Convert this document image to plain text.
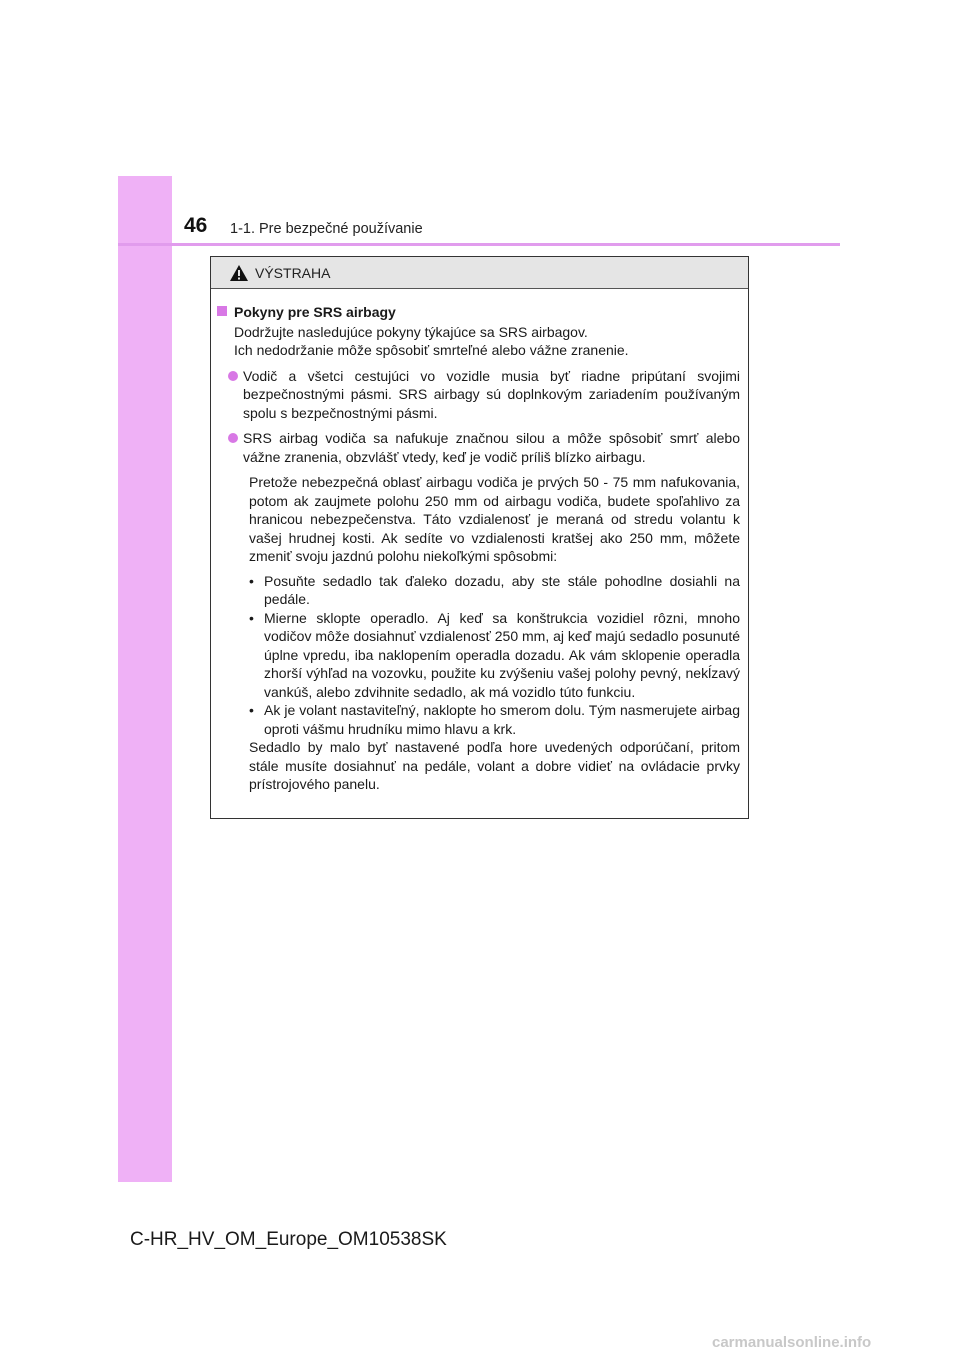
46 1-1. Pre bezpečné používanie
VÝSTRAHA
Pokyny pre SRS airbagy
Dodržujte nasledujúce pokyny týkajúce sa SRS airbagov.
Ich nedodržanie môže spôsobiť smrteľné alebo vážne zranenie.
Vodič a všetci cestujúci vo vozidle musia byť riadne pripútaní svojimi bezpečnostnými pásmi. SRS airbagy sú doplnkovým zariadením používaným spolu s bezpečnostnými pásmi.
SRS airbag vodiča sa nafukuje značnou silou a môže spôsobiť smrť alebo vážne zranenia, obzvlášť vtedy, keď je vodič príliš blízko airbagu.
Pretože nebezpečná oblasť airbagu vodiča je prvých 50 - 75 mm nafukovania, potom ak zaujmete polohu 250 mm od airbagu vodiča, budete spoľahlivo za hranicou nebezpečenstva. Táto vzdialenosť je meraná od stredu volantu k vašej hrudnej kosti. Ak sedíte vo vzdialenosti kratšej ako 250 mm, môžete zmeniť svoju jazdnú polohu niekoľkými spôsobmi:
• Posuňte sedadlo tak ďaleko dozadu, aby ste stále pohodlne dosiahli na pedále.
• Mierne sklopte operadlo. Aj keď sa konštrukcia vozidiel rôzni, mnoho vodičov môže dosiahnuť vzdialenosť 250 mm, aj keď majú sedadlo posunuté úplne vpredu, iba naklopením operadla dozadu. Ak vám sklopenie operadla zhorší výhľad na vozovku, použite ku zvýšeniu vašej polohy pevný, nekĺzavý vankúš, alebo zdvihnite sedadlo, ak má vozidlo túto funkciu.
• Ak je volant nastaviteľný, naklopte ho smerom dolu. Tým nasmerujete airbag oproti vášmu hrudníku mimo hlavu a krk.
Sedadlo by malo byť nastavené podľa hore uvedených odporúčaní, pritom stále musíte dosiahnuť na pedále, volant a dobre vidieť na ovládacie prvky prístrojového panelu.
C-HR_HV_OM_Europe_OM10538SK
carmanualsonline.info
